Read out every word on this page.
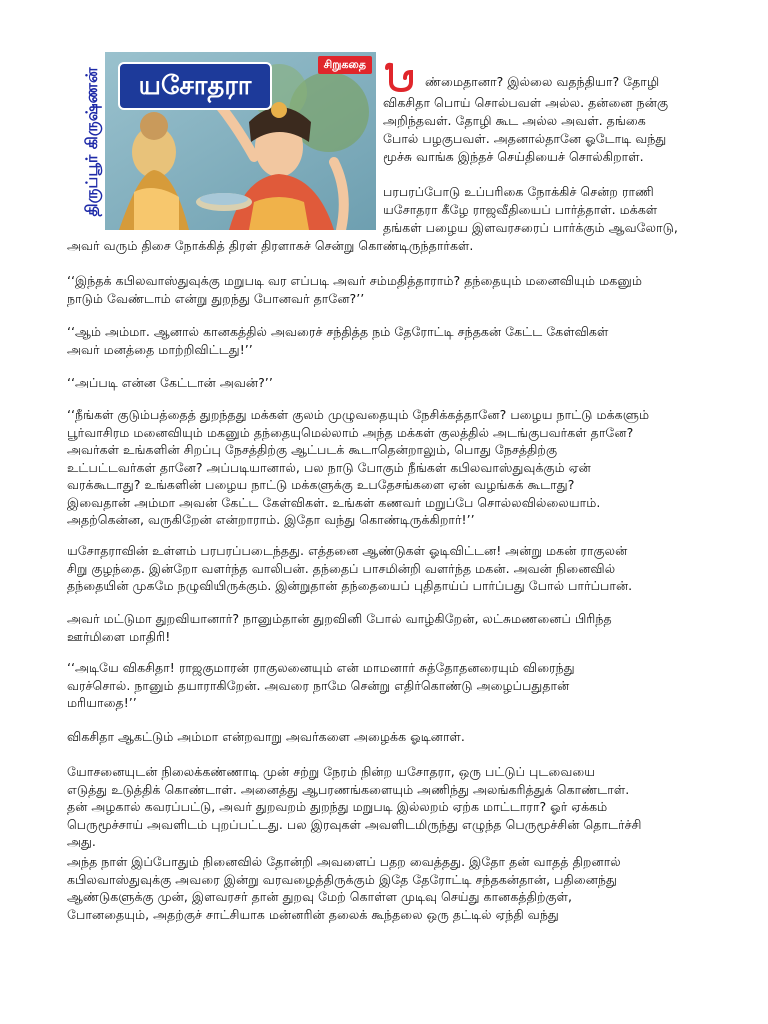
திருப்பூர் கிருஷ்ணன்	யசோதரா
சிறுகதை
ண்மைதானா? இல்லை வதந்தியா? தோழி

விகசிதா பொய் சொல்பவள் அல்ல. தன்னை நன்கு

அறிந்தவள். தோழி கூட அல்ல அவள். தங்கை

போல் பழகுபவள். அதனால்தானே ஓடோடி வந்து

மூச்சு வாங்க இந்தச் செய்தியைச் சொல்கிறாள்.

பரபரப்போடு உப்பரிகை நோக்கிச் சென்ற ராணி

யசோதரா கீழே ராஜவீதியைப் பார்த்தாள். மக்கள்

தங்கள் பழைய இளவரசரைப் பார்க்கும் ஆவலோடு,

அவர் வரும் திசை நோக்கித் திரள் திரளாகச் சென்று கொண்டிருந்தார்கள்.

‘‘இந்தக் கபிலவாஸ்துவுக்கு மறுபடி வர எப்படி அவர் சம்மதித்தாராம்? தந்தையும் மனைவியும் மகனும்

நாடும் வேண்டாம் என்று துறந்து போனவர் தானே?’’

‘‘ஆம் அம்மா. ஆனால் கானகத்தில் அவரைச் சந்தித்த நம் தேரோட்டி சந்தகன் கேட்ட கேள்விகள்

அவர் மனத்தை மாற்றிவிட்டது!’’

‘‘அப்படி என்ன கேட்டான் அவன்?’’

‘‘நீங்கள் குடும்பத்தைத் துறந்தது மக்கள் குலம் முழுவதையும் நேசிக்கத்தானே? பழைய நாட்டு மக்களும்

பூர்வாசிரம மனைவியும் மகனும் தந்தையுமெல்லாம் அந்த மக்கள் குலத்தில் அடங்குபவர்கள் தானே?

அவர்கள் உங்களின் சிறப்பு நேசத்திற்கு ஆட்படக் கூடாதென்றாலும், பொது நேசத்திற்கு

உட்பட்டவர்கள் தானே? அப்படியானால், பல நாடு போகும் நீங்கள் கபிலவாஸ்துவுக்கும் ஏன்

வரக்கூடாது? உங்களின் பழைய நாட்டு மக்களுக்கு உபதேசங்களை ஏன் வழங்கக் கூடாது?

இவைதான் அம்மா அவன் கேட்ட கேள்விகள். உங்கள் கணவர் மறுப்பே சொல்லவில்லையாம்.

அதற்கென்ன, வருகிறேன் என்றாராம். இதோ வந்து கொண்டிருக்கிறார்!’’

யசோதராவின் உள்ளம் பரபரப்படைந்தது. எத்தனை ஆண்டுகள் ஓடிவிட்டன! அன்று மகன் ராகுலன்

சிறு குழந்தை. இன்றோ வளர்ந்த வாலிபன். தந்தைப் பாசமின்றி வளர்ந்த மகன். அவன் நினைவில்

தந்தையின் முகமே நழுவியிருக்கும். இன்றுதான் தந்தையைப் புதிதாய்ப் பார்ப்பது போல் பார்ப்பான்.

அவர் மட்டுமா துறவியானார்? நானும்தான் துறவினி போல் வாழ்கிறேன், லட்சுமணனைப் பிரிந்த

ஊர்மிளை மாதிரி!

‘‘அடியே விகசிதா! ராஜகுமாரன் ராகுலனையும் என் மாமனார் சுத்தோதனரையும் விரைந்து

வரச்சொல். நானும் தயாராகிறேன். அவரை நாமே சென்று எதிர்கொண்டு அழைப்பதுதான்

மரியாதை!’’

விகசிதா ஆகட்டும் அம்மா என்றவாறு அவர்களை அழைக்க ஓடினாள்.

யோசனையுடன் நிலைக்கண்ணாடி முன் சற்று நேரம் நின்ற யசோதரா, ஒரு பட்டுப் புடவையை

எடுத்து உடுத்திக் கொண்டாள். அனைத்து ஆபரணங்களையும் அணிந்து அலங்கரித்துக் கொண்டாள்.

தன் அழகால் கவரப்பட்டு, அவர் துறவறம் துறந்து மறுபடி இல்லறம் ஏற்க மாட்டாரா? ஓர் ஏக்கம்

பெருமூச்சாய் அவளிடம் புறப்பட்டது. பல இரவுகள் அவளிடமிருந்து எழுந்த பெருமூச்சின் தொடர்ச்சி

அது.

அந்த நாள் இப்போதும் நினைவில் தோன்றி அவளைப் பதற வைத்தது. இதோ தன் வாதத் திறனால்

கபிலவாஸ்துவுக்கு அவரை இன்று வரவழைத்திருக்கும் இதே தேரோட்டி சந்தகன்தான், பதினைந்து

ஆண்டுகளுக்கு முன், இளவரசர் தான் துறவு மேற் கொள்ள முடிவு செய்து கானகத்திற்குள்,

போனதையும், அதற்குச் சாட்சியாக மன்னரின் தலைக் கூந்தலை ஒரு தட்டில் ஏந்தி வந்து
